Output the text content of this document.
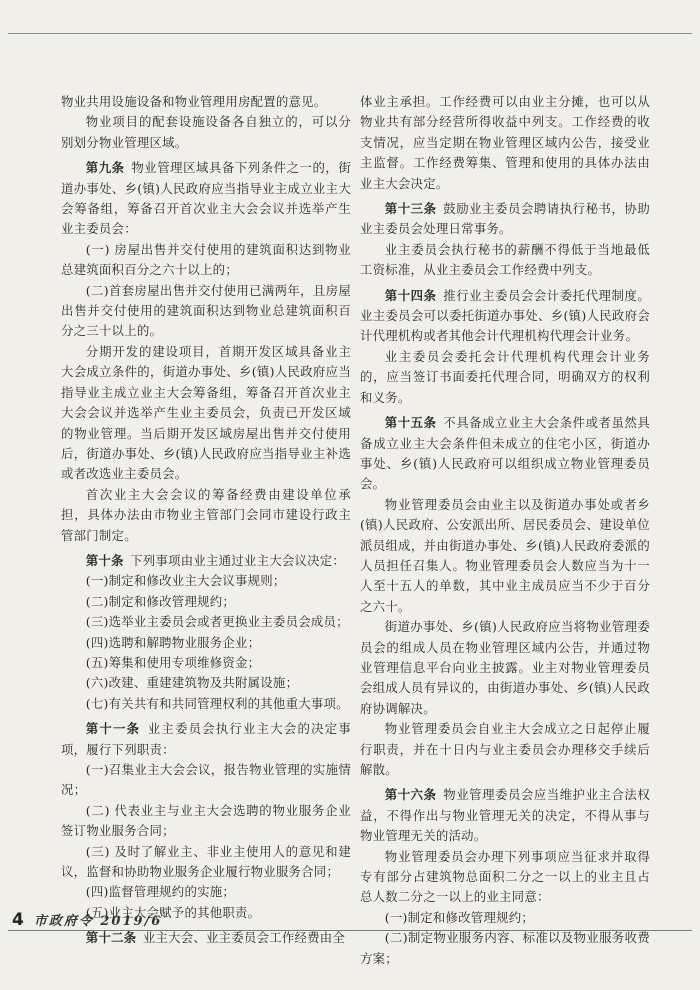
物业共用设施设备和物业管理用房配置的意见。

物业项目的配套设施设备各自独立的，可以分别划分物业管理区域。

第九条  物业管理区域具备下列条件之一的，街道办事处、乡(镇)人民政府应当指导业主成立业主大会筹备组，筹备召开首次业主大会会议并选举产生业主委员会：

(一) 房屋出售并交付使用的建筑面积达到物业总建筑面积百分之六十以上的；

(二)首套房屋出售并交付使用已满两年，且房屋出售并交付使用的建筑面积达到物业总建筑面积百分之三十以上的。

分期开发的建设项目，首期开发区域具备业主大会成立条件的，街道办事处、乡(镇)人民政府应当指导业主成立业主大会筹备组，筹备召开首次业主大会会议并选举产生业主委员会，负责已开发区域的物业管理。当后期开发区域房屋出售并交付使用后，街道办事处、乡(镇)人民政府应当指导业主补选或者改选业主委员会。

首次业主大会会议的筹备经费由建设单位承担，具体办法由市物业主管部门会同市建设行政主管部门制定。

第十条  下列事项由业主通过业主大会议决定：

(一)制定和修改业主大会议事规则；

(二)制定和修改管理规约；

(三)选举业主委员会或者更换业主委员会成员；

(四)选聘和解聘物业服务企业；

(五)筹集和使用专项维修资金；

(六)改建、重建建筑物及共附属设施；

(七)有关共有和共同管理权利的其他重大事项。

第十一条  业主委员会执行业主大会的决定事项，履行下列职责：

(一)召集业主大会会议，报告物业管理的实施情况；

(二) 代表业主与业主大会选聘的物业服务企业签订物业服务合同；

(三) 及时了解业主、非业主使用人的意见和建议，监督和协助物业服务企业履行物业服务合同；

(四)监督管理规约的实施；

(五)业主大会赋予的其他职责。

第十二条  业主大会、业主委员会工作经费由全

体业主承担。工作经费可以由业主分摊，也可以从物业共有部分经营所得收益中列支。工作经费的收支情况，应当定期在物业管理区域内公告，接受业主监督。工作经费筹集、管理和使用的具体办法由业主大会决定。

第十三条  鼓励业主委员会聘请执行秘书，协助业主委员会处理日常事务。

业主委员会执行秘书的薪酬不得低于当地最低工资标准，从业主委员会工作经费中列支。

第十四条  推行业主委员会会计委托代理制度。业主委员会可以委托街道办事处、乡(镇)人民政府会计代理机构或者其他会计代理机构代理会计业务。

业主委员会委托会计代理机构代理会计业务的，应当签订书面委托代理合同，明确双方的权利和义务。

第十五条  不具备成立业主大会条件或者虽然具备成立业主大会条件但未成立的住宅小区，街道办事处、乡(镇)人民政府可以组织成立物业管理委员会。

物业管理委员会由业主以及街道办事处或者乡(镇)人民政府、公安派出所、居民委员会、建设单位派员组成，并由街道办事处、乡(镇)人民政府委派的人员担任召集人。物业管理委员会人数应当为十一人至十五人的单数，其中业主成员应当不少于百分之六十。

街道办事处、乡(镇)人民政府应当将物业管理委员会的组成人员在物业管理区域内公告，并通过物业管理信息平台向业主披露。业主对物业管理委员会组成人员有异议的，由街道办事处、乡(镇)人民政府协调解决。

物业管理委员会自业主大会成立之日起停止履行职责，并在十日内与业主委员会办理移交手续后解散。

第十六条  物业管理委员会应当维护业主合法权益，不得作出与物业管理无关的决定，不得从事与物业管理无关的活动。

物业管理委员会办理下列事项应当征求并取得专有部分占建筑物总面积二分之一以上的业主且占总人数二分之一以上的业主同意：

(一)制定和修改管理规约；

(二)制定物业服务内容、标准以及物业服务收费方案；

4 市政府令 2019/6
